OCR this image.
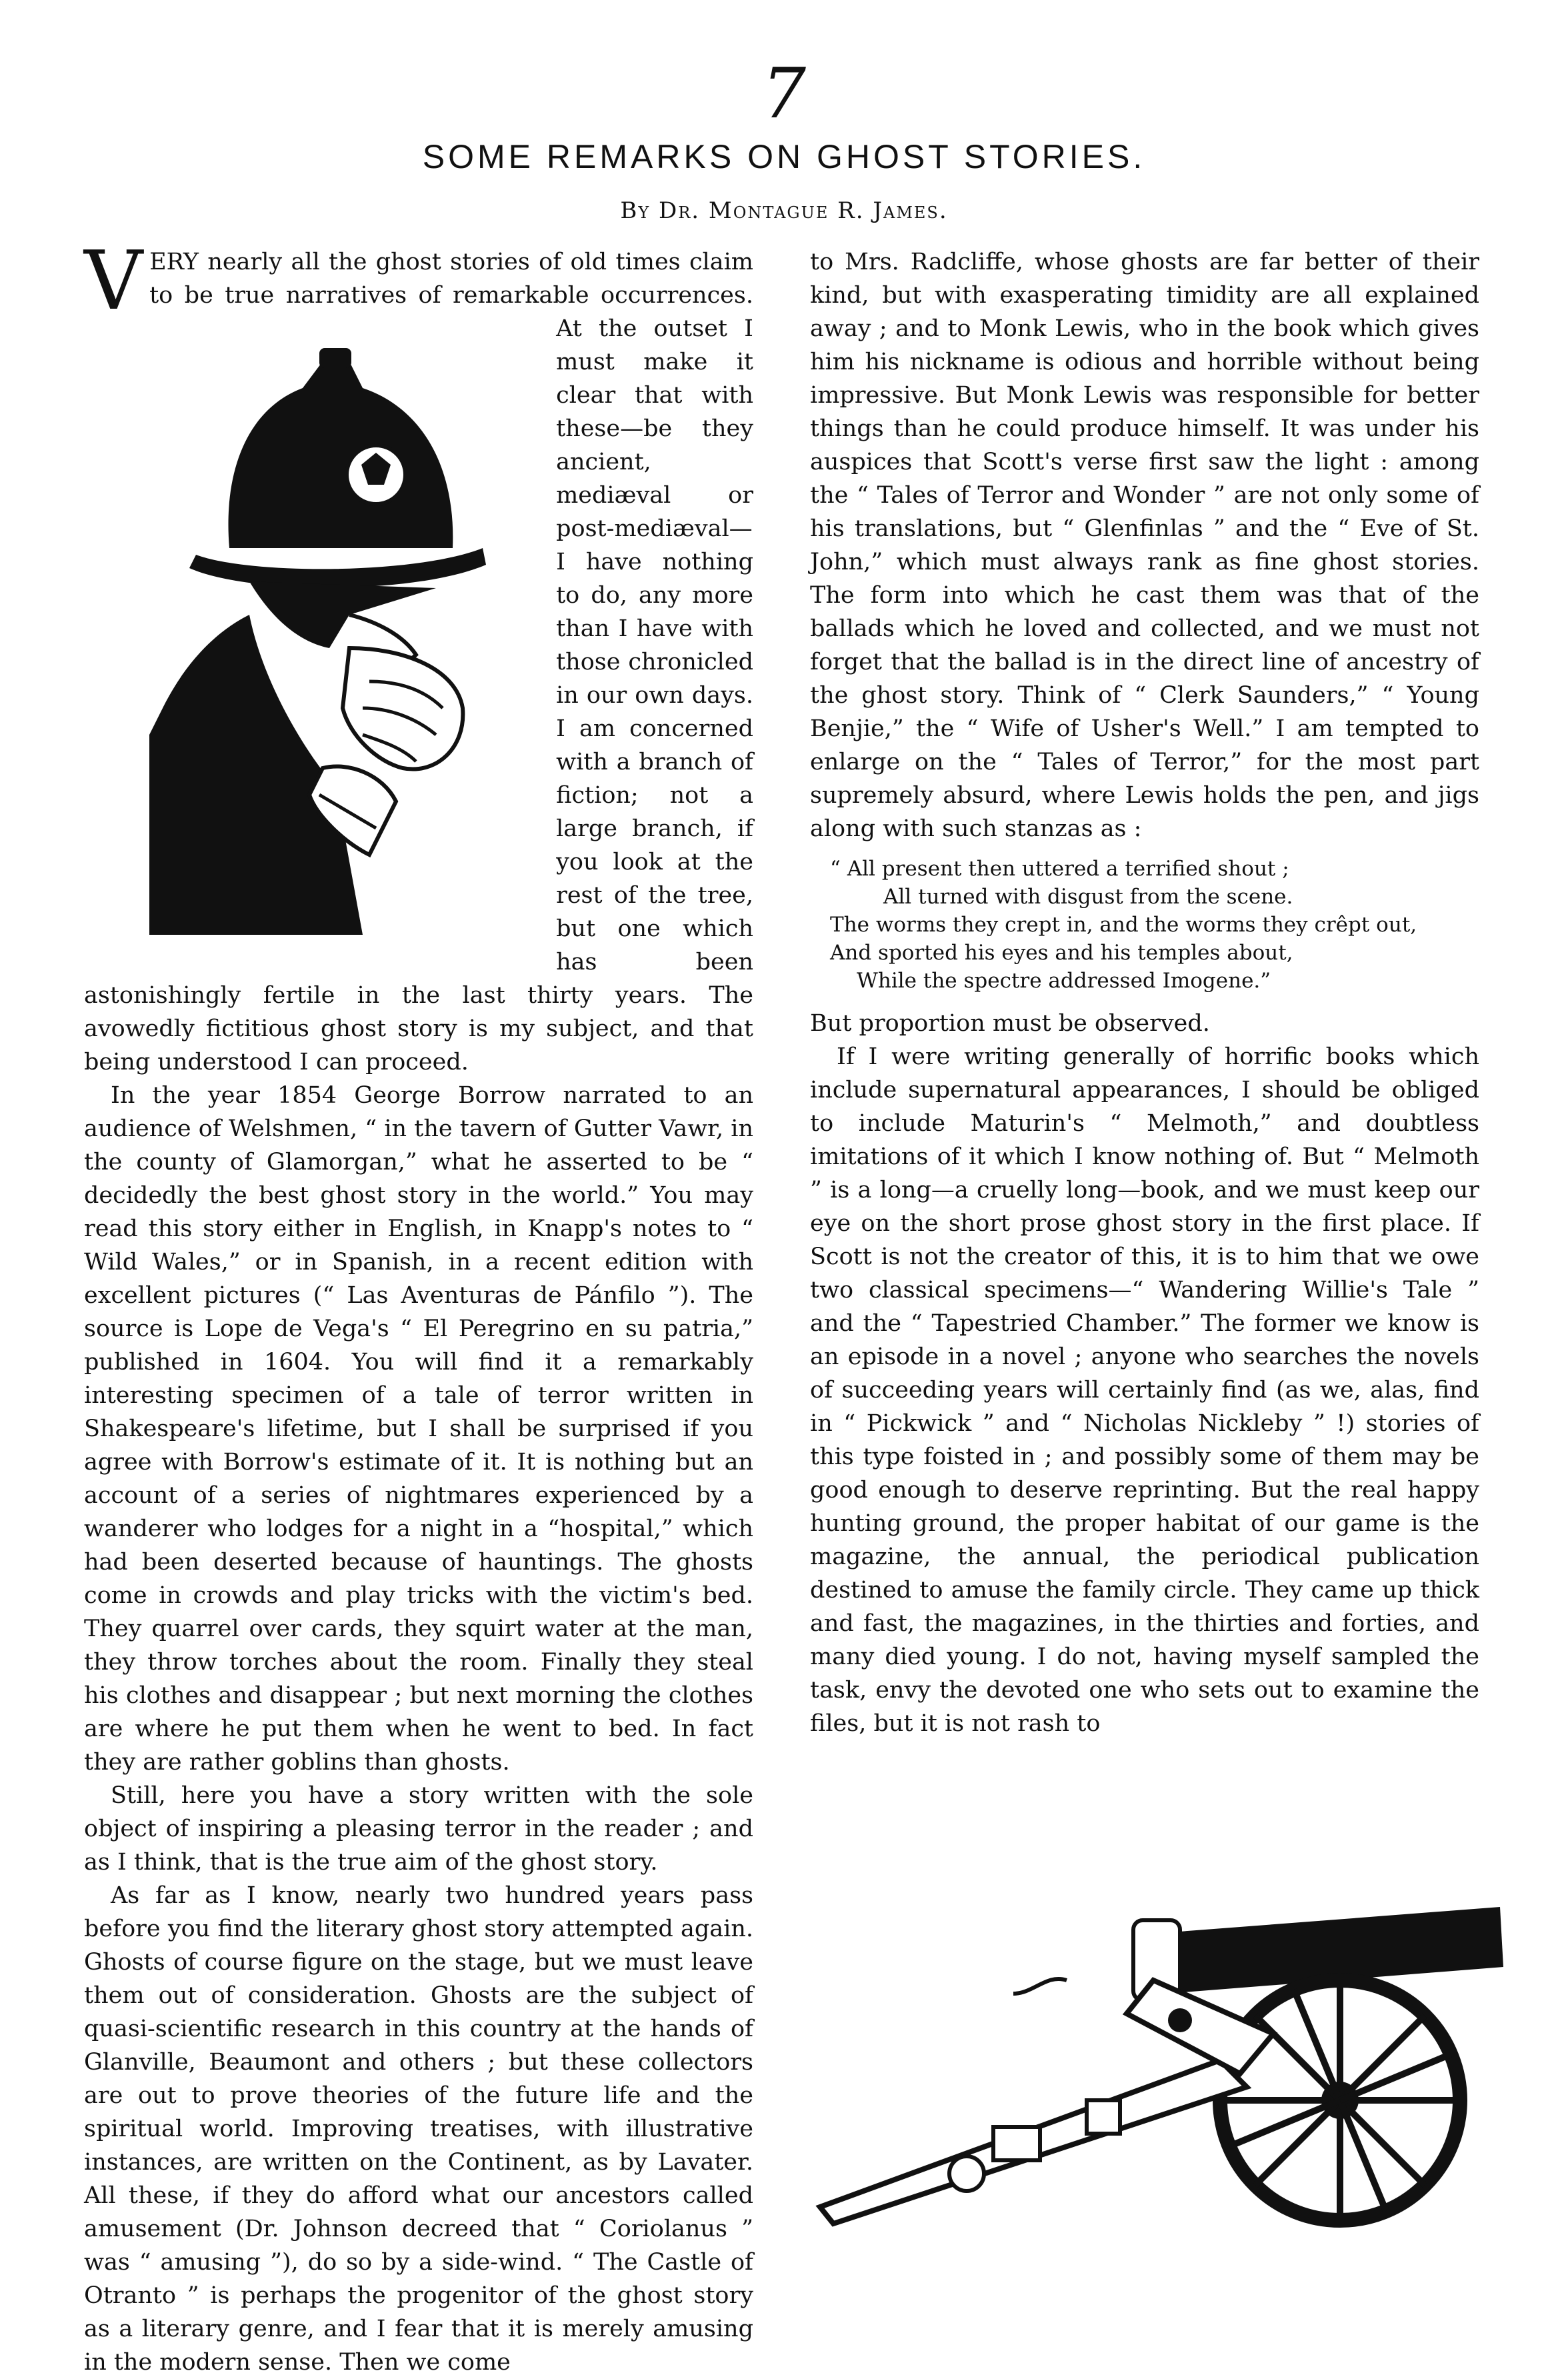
7
SOME REMARKS ON GHOST STORIES.
By Dr. Montague R. James.
V ERY nearly all the ghost stories of old times claim to be true narratives of remarkable occurrences. At the outset I must make it clear that with these—be they ancient, mediæval or post-mediæval—I have nothing to do, any more than I have with those chronicled in our own days. I am concerned with a branch of fiction; not a large branch, if you look at the rest of the tree, but one which has been astonishingly fertile in the last thirty years. The avowedly fictitious ghost story is my subject, and that being understood I can proceed.

In the year 1854 George Borrow narrated to an audience of Welshmen, “ in the tavern of Gutter Vawr, in the county of Glamorgan,” what he asserted to be “ decidedly the best ghost story in the world.” You may read this story either in English, in Knapp's notes to “ Wild Wales,” or in Spanish, in a recent edition with excellent pictures (“ Las Aventuras de Pánfilo ”). The source is Lope de Vega's “ El Peregrino en su patria,” published in 1604. You will find it a remarkably interesting specimen of a tale of terror written in Shakespeare's lifetime, but I shall be surprised if you agree with Borrow's estimate of it. It is nothing but an account of a series of nightmares experienced by a wanderer who lodges for a night in a “hospital,” which had been deserted because of hauntings. The ghosts come in crowds and play tricks with the victim's bed. They quarrel over cards, they squirt water at the man, they throw torches about the room. Finally they steal his clothes and disappear ; but next morning the clothes are where he put them when he went to bed. In fact they are rather goblins than ghosts.

Still, here you have a story written with the sole object of inspiring a pleasing terror in the reader ; and as I think, that is the true aim of the ghost story.

As far as I know, nearly two hundred years pass before you find the literary ghost story attempted again. Ghosts of course figure on the stage, but we must leave them out of consideration. Ghosts are the subject of quasi-scientific research in this country at the hands of Glanville, Beaumont and others ; but these collectors are out to prove theories of the future life and the spiritual world. Improving treatises, with illustrative instances, are written on the Continent, as by Lavater. All these, if they do afford what our ancestors called amusement (Dr. Johnson decreed that “ Coriolanus ” was “ amusing ”), do so by a side-wind. “ The Castle of Otranto ” is perhaps the progenitor of the ghost story as a literary genre, and I fear that it is merely amusing in the modern sense. Then we come

to Mrs. Radcliffe, whose ghosts are far better of their kind, but with exasperating timidity are all explained away ; and to Monk Lewis, who in the book which gives him his nickname is odious and horrible without being impressive. But Monk Lewis was responsible for better things than he could produce himself. It was under his auspices that Scott's verse first saw the light : among the “ Tales of Terror and Wonder ” are not only some of his translations, but “ Glenfinlas ” and the “ Eve of St. John,” which must always rank as fine ghost stories. The form into which he cast them was that of the ballads which he loved and collected, and we must not forget that the ballad is in the direct line of ancestry of the ghost story. Think of “ Clerk Saunders,” “ Young Benjie,” the “ Wife of Usher's Well.” I am tempted to enlarge on the “ Tales of Terror,” for the most part supremely absurd, where Lewis holds the pen, and jigs along with such stanzas as :

“ All present then uttered a terrified shout ;
All turned with disgust from the scene.
The worms they crept in, and the worms they crêpt out,
And sported his eyes and his temples about,
While the spectre addressed Imogene.”

But proportion must be observed.

If I were writing generally of horrific books which include supernatural appearances, I should be obliged to include Maturin's “ Melmoth,” and doubtless imitations of it which I know nothing of. But “ Melmoth ” is a long—a cruelly long—book, and we must keep our eye on the short prose ghost story in the first place. If Scott is not the creator of this, it is to him that we owe two classical specimens—“ Wandering Willie's Tale ” and the “ Tapestried Chamber.” The former we know is an episode in a novel ; anyone who searches the novels of succeeding years will certainly find (as we, alas, find in “ Pickwick ” and “ Nicholas Nickleby ” !) stories of this type foisted in ; and possibly some of them may be good enough to deserve reprinting. But the real happy hunting ground, the proper habitat of our game is the magazine, the annual, the periodical publication destined to amuse the family circle. They came up thick and fast, the magazines, in the thirties and forties, and many died young. I do not, having myself sampled the task, envy the devoted one who sets out to examine the files, but it is not rash to
